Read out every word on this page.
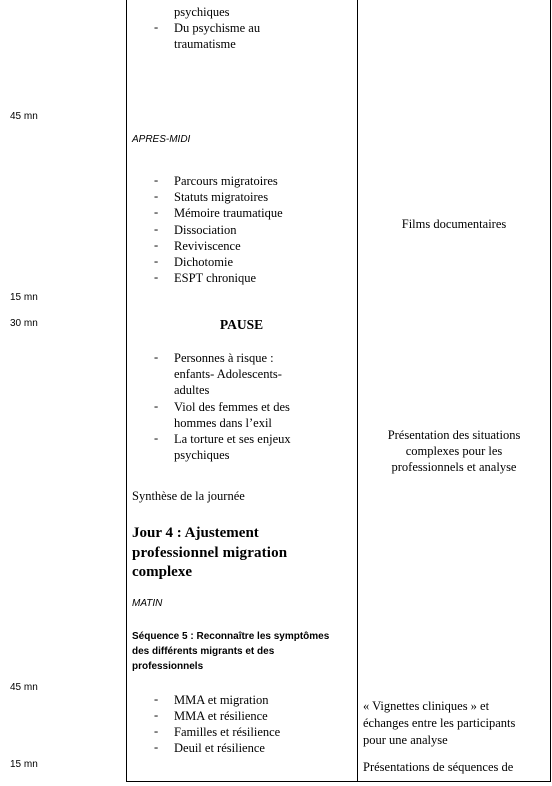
45 mn
15 mn
30 mn
45 mn
15 mn
psychiques
- Du psychisme au
traumatisme
APRES-MIDI
- Parcours migratoires
- Statuts migratoires
- Mémoire traumatique
- Dissociation
- Reviviscence
- Dichotomie
- ESPT chronique
PAUSE
- Personnes à risque :
enfants- Adolescents-
adultes
- Viol des femmes et des
hommes dans l’exil
- La torture et ses enjeux
psychiques
Synthèse de la journée
Jour 4 : Ajustement
professionnel migration
complexe
MATIN
Séquence 5 : Reconnaître les symptômes
des différents migrants et des
professionnels
- MMA et migration
- MMA et résilience
- Familles et résilience
- Deuil et résilience
Films documentaires
Présentation des situations
complexes pour les
professionnels et analyse
« Vignettes cliniques » et
échanges entre les participants
pour une analyse
Présentations de séquences de
